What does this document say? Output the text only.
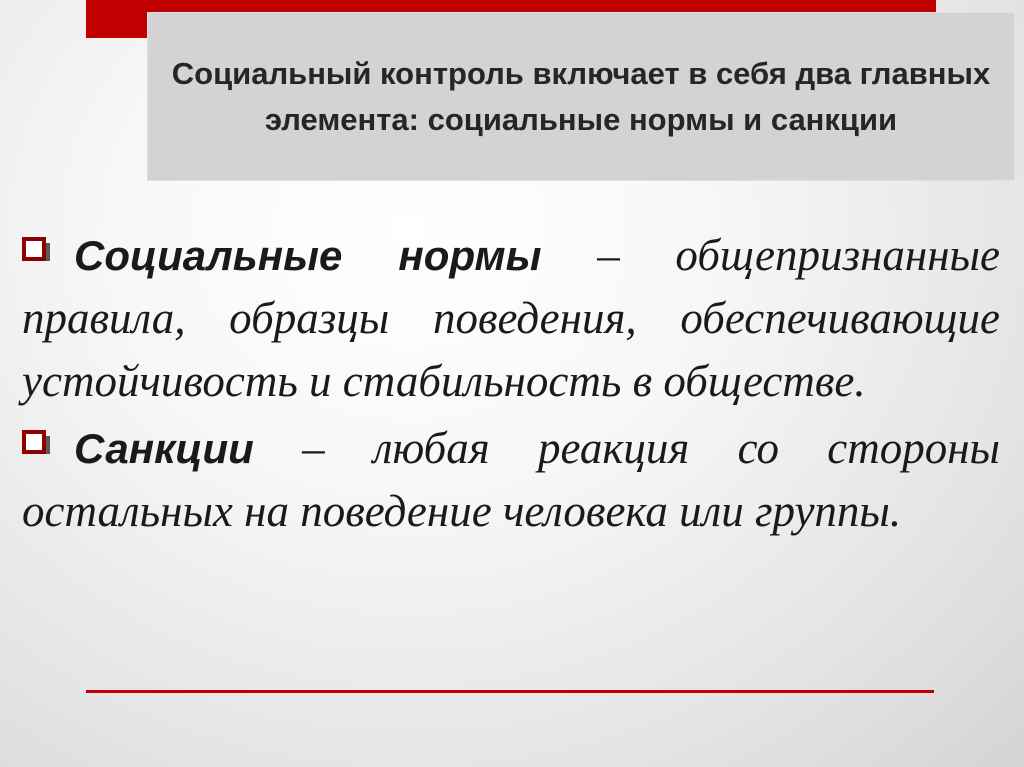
Социальный контроль включает в себя два главных элемента: социальные нормы и санкции

Социальные нормы – общепризнанные правила, образцы поведения, обеспечивающие устойчивость и стабильность в обществе.

Санкции – любая реакция со стороны остальных на поведение человека или группы.
